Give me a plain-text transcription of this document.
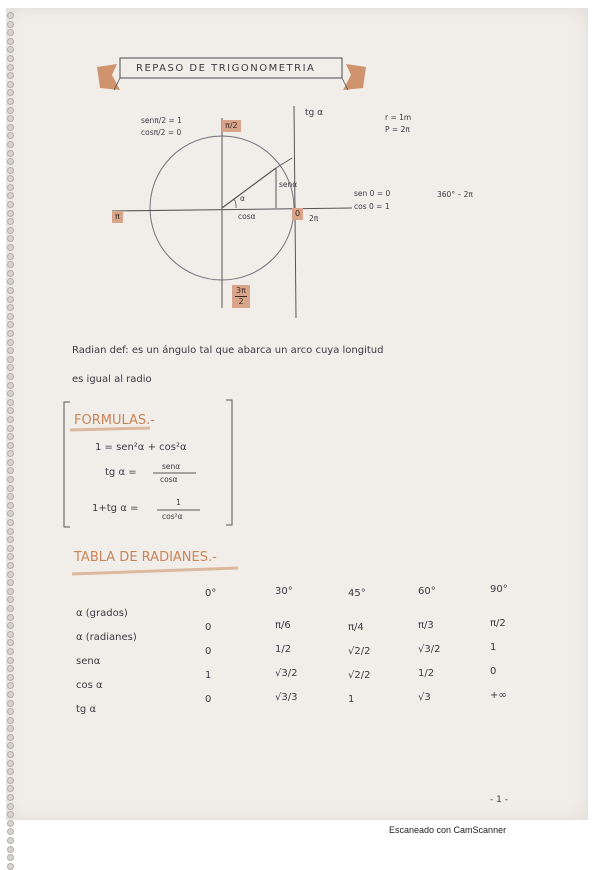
REPASO DE TRIGONOMETRIA
senπ/2 = 1
cosπ/2 = 0
π/2
tg α
α
senα
cosα
π	0
2π
$\frac{3\pi}{2}$
r = 1m
P = 2π
sen 0 = 0
cos 0 = 1
360° – 2π
Radian def: es un ángulo tal que abarca un arco cuya longitud
es igual al radio
FORMULAS.-
1 = sen²α + cos²α
tg α =
senα
cosα
1+tg α =
1
cos²α
TABLA DE RADIANES.-
α (grados)
α (radianes)
senα
cos α
tg α
0°
0
0
1
0
30°
π/6
1/2
√3/2
√3/3
45°
π/4
√2/2
√2/2
1
60°
π/3
√3/2
1/2
√3
90°
π/2
1
0
+∞
- 1 -
Escaneado con CamScanner
